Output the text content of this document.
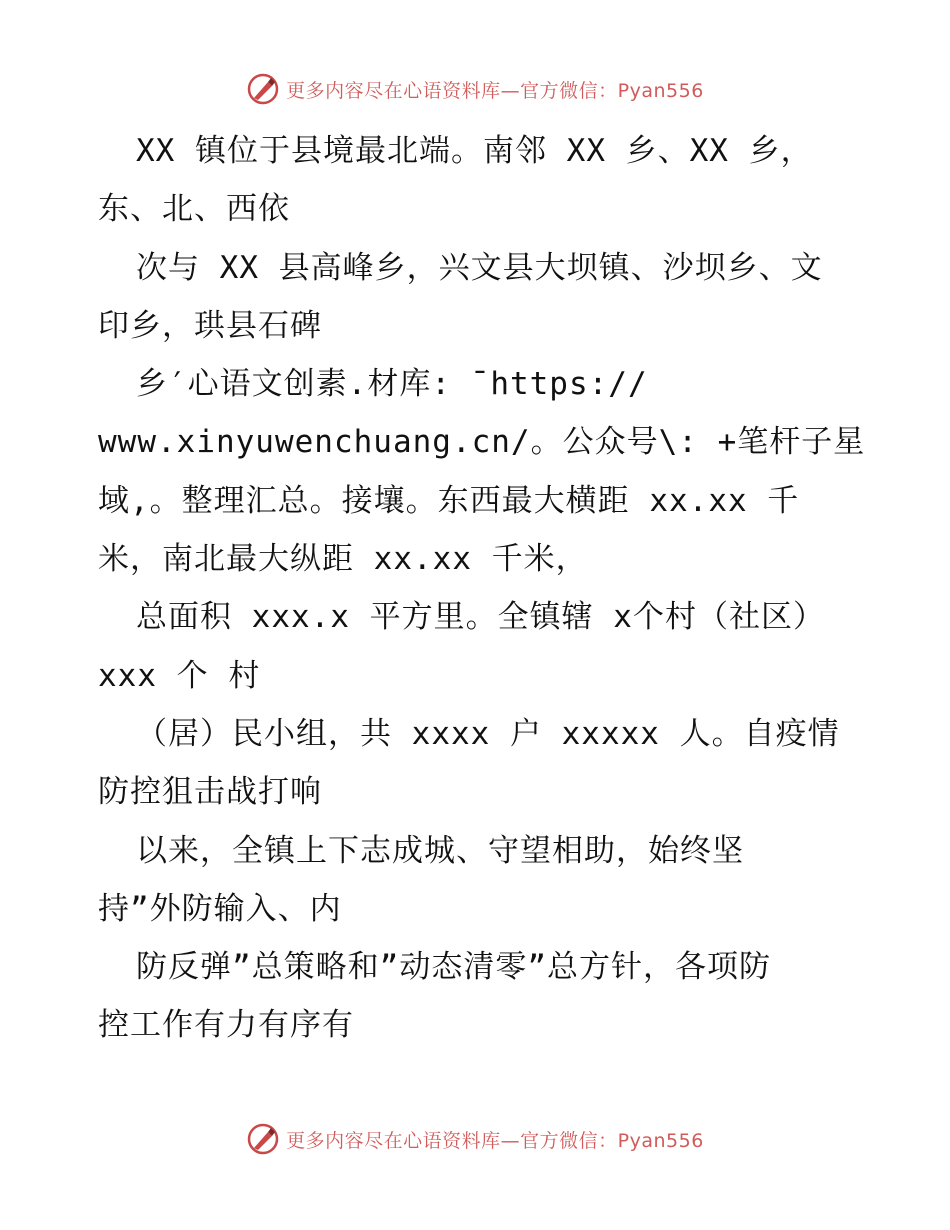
更多内容尽在心语资料库—官方微信：Pyan556
XX 镇位于县境最北端。南邻 XX 乡、XX 乡，
东、北、西依
次与 XX 县高峰乡，兴文县大坝镇、沙坝乡、文
印乡，珙县石碑
乡′心语文创素.材库: ¯https://
www.xinyuwenchuang.cn/。公众号\: +笔杆子星
域,。整理汇总。接壤。东西最大横距 xx.xx 千
米，南北最大纵距 xx.xx 千米，
总面积 xxx.x 平方里。全镇辖 x个村（社区）
xxx 个 村
（居）民小组，共 xxxx 户 xxxxx 人。自疫情
防控狙击战打响
以来，全镇上下志成城、守望相助，始终坚
持”外防输入、内
防反弹”总策略和”动态清零”总方针，各项防
控工作有力有序有
更多内容尽在心语资料库—官方微信：Pyan556
